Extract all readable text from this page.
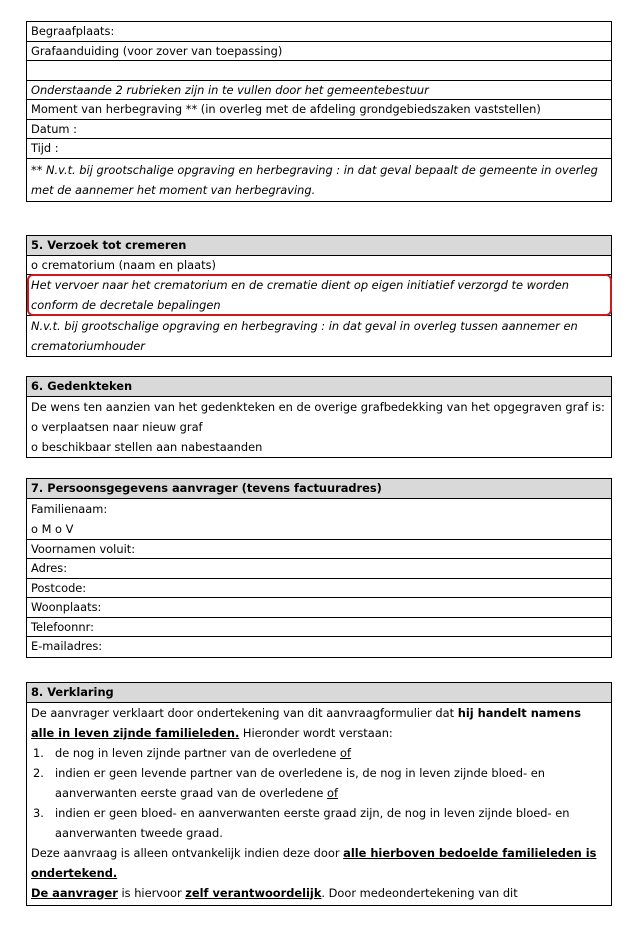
Begraafplaats:
Grafaanduiding (voor zover van toepassing)
Onderstaande 2 rubrieken zijn in te vullen door het gemeentebestuur
Moment van herbegraving ** (in overleg met de afdeling grondgebiedszaken vaststellen)
Datum :
Tijd :
** N.v.t. bij grootschalige opgraving en herbegraving : in dat geval bepaalt de gemeente in overleg met de aannemer het moment van herbegraving.
5. Verzoek tot cremeren
o crematorium (naam en plaats)
Het vervoer naar het crematorium en de crematie dient op eigen initiatief verzorgd te worden conform de decretale bepalingen
N.v.t. bij grootschalige opgraving en herbegraving : in dat geval in overleg tussen aannemer en crematoriumhouder
6. Gedenkteken

De wens ten aanzien van het gedenkteken en de overige grafbedekking van het opgegraven graf is:

o verplaatsen naar nieuw graf

o beschikbaar stellen aan nabestaanden

7. Persoonsgegevens aanvrager (tevens factuuradres)

Familienaam:

o M o V

Voornamen voluit:
Adres:
Postcode:
Woonplaats:
Telefoonnr:
E-mailadres:
8. Verklaring

De aanvrager verklaart door ondertekening van dit aanvraagformulier dat hij handelt namens alle in leven zijnde familieleden. Hieronder wordt verstaan:

1. de nog in leven zijnde partner van de overledene of
2. indien er geen levende partner van de overledene is, de nog in leven zijnde bloed- en aanverwanten eerste graad van de overledene of
3. indien er geen bloed- en aanverwanten eerste graad zijn, de nog in leven zijnde bloed- en aanverwanten tweede graad.

Deze aanvraag is alleen ontvankelijk indien deze door alle hierboven bedoelde familieleden is ondertekend.

De aanvrager is hiervoor zelf verantwoordelijk. Door medeondertekening van dit
